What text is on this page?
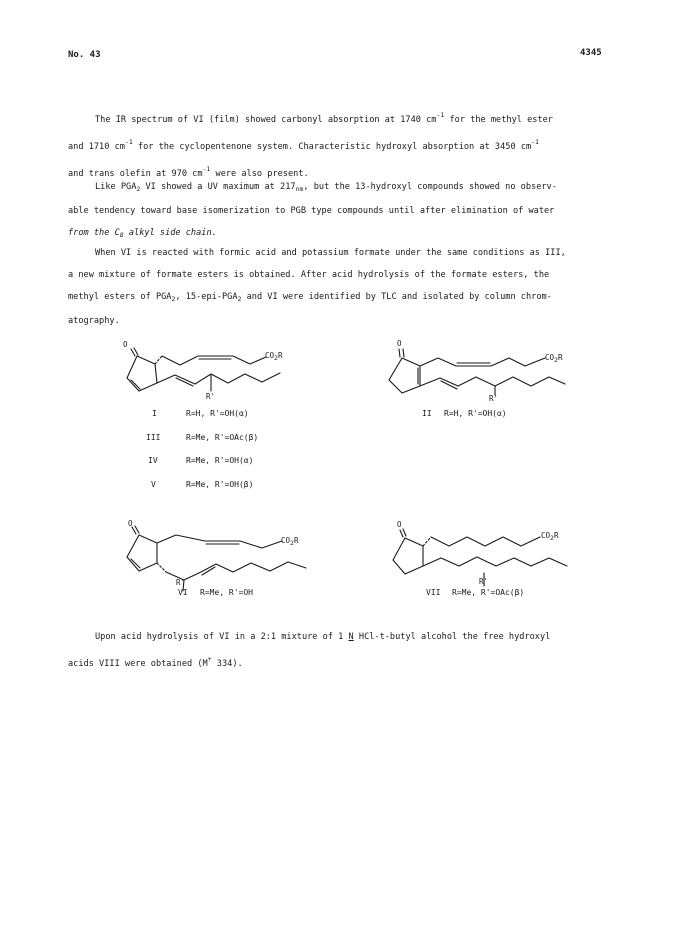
No. 43	4345
The IR spectrum of VI (film) showed carbonyl absorption at 1740 $cm^{-1}$ for the methyl ester
and 1710 $cm^{-1}$ for the cyclopentenone system. Characteristic hydroxyl absorption at 3450 $cm^{-1}$
and trans olefin at 970 $cm^{-1}$ were also present.
Like $PGA_2$ VI showed a UV maximum at $217_{nm}$, but the 13-hydroxyl compounds showed no observ-
able tendency toward base isomerization to PGB type compounds until after elimination of water
from the $C_8$ alkyl side chain.
When VI is reacted with formic acid and potassium formate under the same conditions as III,
a new mixture of formate esters is obtained. After acid hydrolysis of the formate esters, the
methyl esters of $PGA_2$, $15-epi-PGA_2$ and VI were identified by TLC and isolated by column chrom-
atography.
O
$CO_2R$
R'
I	R=H, R'=OH(α)
III	R=Me, R'=OAc(β)
IV	R=Me, R'=OH(α)
V	R=Me, R'=OH(β)
O
$CO_2R$
R'
II R=H, R'=OH(α)
O
$CO_2R$
R'
VI R=Me, R'=OH
O
$CO_2R$
R'
VII R=Me, R'=OAc(β)
Upon acid hydrolysis of VI in a 2:1 mixture of 1 N HCl-t-butyl alcohol the free hydroxyl
acids VIII were obtained (M+ 334).
